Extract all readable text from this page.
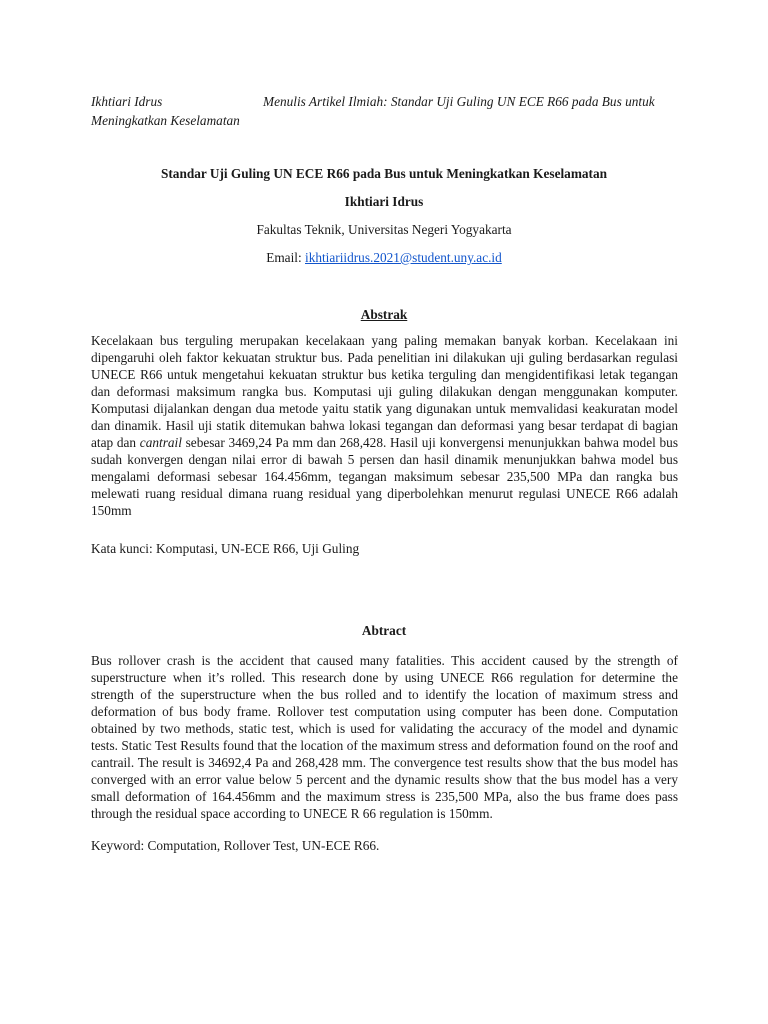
Ikhtiari Idrus	Menulis Artikel Ilmiah: Standar Uji Guling UN ECE R66 pada Bus untuk
Meningkatkan Keselamatan
Standar Uji Guling UN ECE R66 pada Bus untuk Meningkatkan Keselamatan
Ikhtiari Idrus
Fakultas Teknik, Universitas Negeri Yogyakarta
Email: ikhtiariidrus.2021@student.uny.ac.id
Abstrak
Kecelakaan bus terguling merupakan kecelakaan yang paling memakan banyak korban. Kecelakaan ini dipengaruhi oleh faktor kekuatan struktur bus. Pada penelitian ini dilakukan uji guling berdasarkan regulasi UNECE R66 untuk mengetahui kekuatan struktur bus ketika terguling dan mengidentifikasi letak tegangan dan deformasi maksimum rangka bus. Komputasi uji guling dilakukan dengan menggunakan komputer. Komputasi dijalankan dengan dua metode yaitu statik yang digunakan untuk memvalidasi keakuratan model dan dinamik. Hasil uji statik ditemukan bahwa lokasi tegangan dan deformasi yang besar terdapat di bagian atap dan cantrail sebesar 3469,24 Pa mm dan 268,428. Hasil uji konvergensi menunjukkan bahwa model bus sudah konvergen dengan nilai error di bawah 5 persen dan hasil dinamik menunjukkan bahwa model bus mengalami deformasi sebesar 164.456mm, tegangan maksimum sebesar 235,500 MPa dan rangka bus melewati ruang residual dimana ruang residual yang diperbolehkan menurut regulasi UNECE R66 adalah 150mm
Kata kunci: Komputasi, UN-ECE R66, Uji Guling
Abtract
Bus rollover crash is the accident that caused many fatalities. This accident caused by the strength of superstructure when it’s rolled. This research done by using UNECE R66 regulation for determine the strength of the superstructure when the bus rolled and to identify the location of maximum stress and deformation of bus body frame. Rollover test computation using computer has been done. Computation obtained by two methods, static test, which is used for validating the accuracy of the model and dynamic tests. Static Test Results found that the location of the maximum stress and deformation found on the roof and cantrail. The result is 34692,4 Pa and 268,428 mm. The convergence test results show that the bus model has converged with an error value below 5 percent and the dynamic results show that the bus model has a very small deformation of 164.456mm and the maximum stress is 235,500 MPa, also the bus frame does pass through the residual space according to UNECE R 66 regulation is 150mm.
Keyword: Computation, Rollover Test, UN-ECE R66.
